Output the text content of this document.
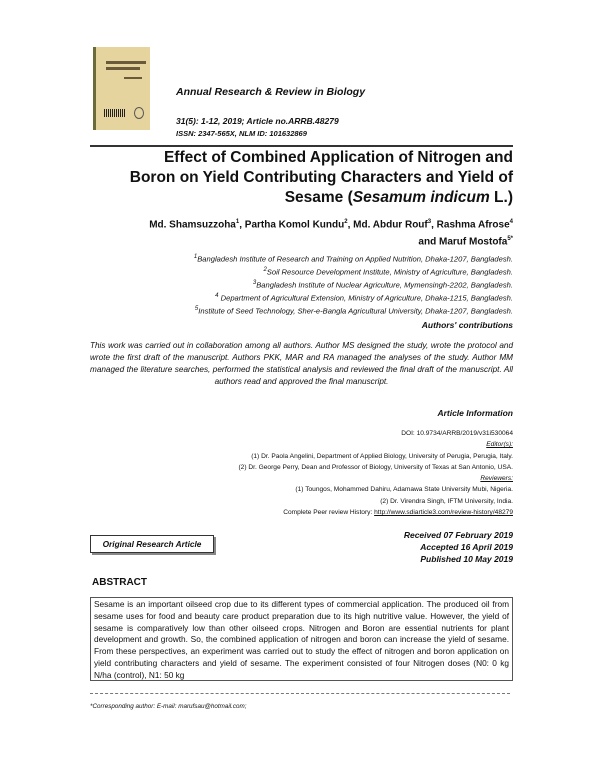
Annual Research & Review in Biology
31(5): 1-12, 2019; Article no.ARRB.48279
ISSN: 2347-565X, NLM ID: 101632869
Effect of Combined Application of Nitrogen and
Boron on Yield Contributing Characters and Yield of
Sesame (Sesamum indicum L.)
Md. Shamsuzzoha$^1$, Partha Komol Kundu$^2$, Md. Abdur Rouf$^3$, Rashma Afrose$^4$
and Maruf Mostofa$^{5*}$
$^1$Bangladesh Institute of Research and Training on Applied Nutrition, Dhaka-1207, Bangladesh.
$^2$Soil Resource Development Institute, Ministry of Agriculture, Bangladesh.
$^3$Bangladesh Institute of Nuclear Agriculture, Mymensingh-2202, Bangladesh.
$^4$ Department of Agricultural Extension, Ministry of Agriculture, Dhaka-1215, Bangladesh.
$^5$Institute of Seed Technology, Sher-e-Bangla Agricultural University, Dhaka-1207, Bangladesh.
Authors' contributions
This work was carried out in collaboration among all authors. Author MS designed the study, wrote the protocol and wrote the first draft of the manuscript. Authors PKK, MAR and RA managed the analyses of the study. Author MM managed the literature searches, performed the statistical analysis and reviewed the final draft of the manuscript. All authors read and approved the final manuscript.
Article Information
DOI: 10.9734/ARRB/2019/v31i530064
Editor(s):
(1) Dr. Paola Angelini, Department of Applied Biology, University of Perugia, Perugia, Italy.
(2) Dr. George Perry, Dean and Professor of Biology, University of Texas at San Antonio, USA.
Reviewers:
(1) Toungos, Mohammed Dahiru, Adamawa State University Mubi, Nigeria.
(2) Dr. Virendra Singh, IFTM University, India.
Complete Peer review History: http://www.sdiarticle3.com/review-history/48279
Received 07 February 2019
Accepted 16 April 2019
Published 10 May 2019
Original Research Article
ABSTRACT
Sesame is an important oilseed crop due to its different types of commercial application. The produced oil from sesame uses for food and beauty care product preparation due to its high nutritive value. However, the yield of sesame is comparatively low than other oilseed crops. Nitrogen and Boron are essential nutrients for plant development and growth. So, the combined application of nitrogen and boron can increase the yield of sesame. From these perspectives, an experiment was carried out to study the effect of nitrogen and boron application on yield contributing characters and yield of sesame. The experiment consisted of four Nitrogen doses (N0: 0 kg N/ha (control), N1: 50 kg
*Corresponding author: E-mail: marufsau@hotmail.com;
